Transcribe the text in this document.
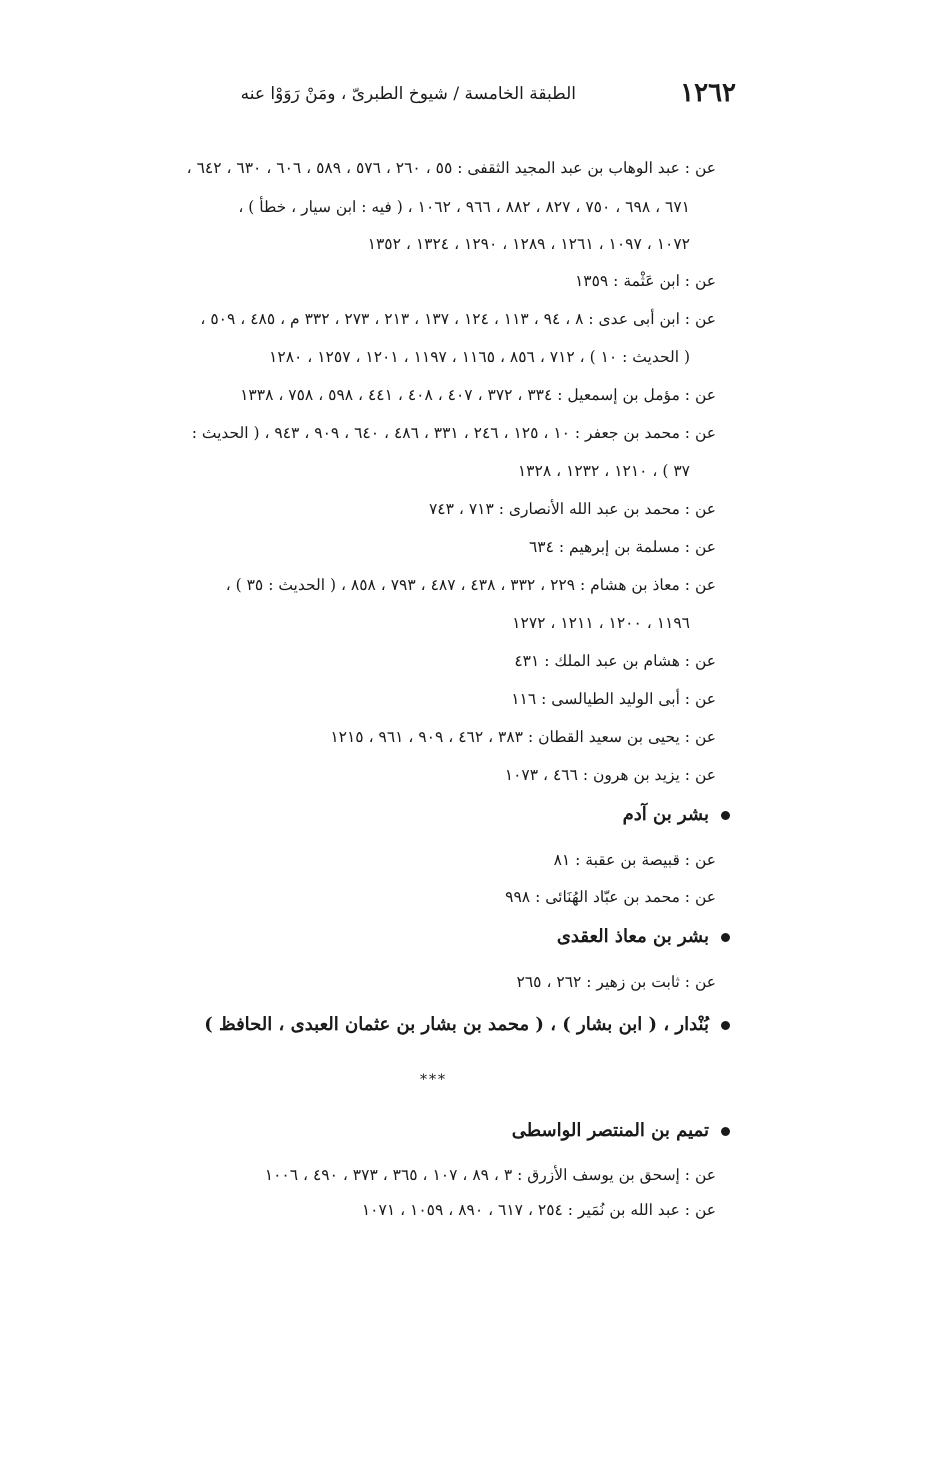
١٢٦٢
الطبقة الخامسة / شيوخ الطبرىّ ، ومَنْ رَوَوْا عنه
عن : عبد الوهاب بن عبد المجيد الثقفى : ٥٥ ، ٢٦٠ ، ٥٧٦ ، ٥٨٩ ، ٦٠٦ ، ٦٣٠ ، ٦٤٢ ،
٦٧١ ، ٦٩٨ ، ٧٥٠ ، ٨٢٧ ، ٨٨٢ ، ٩٦٦ ، ١٠٦٢ ، ( فيه : ابن سيار ، خطأ ) ،
١٠٧٢ ، ١٠٩٧ ، ١٢٦١ ، ١٢٨٩ ، ١٢٩٠ ، ١٣٢٤ ، ١٣٥٢
عن : ابن عَثْمة : ١٣٥٩
عن : ابن أبى عدى : ٨ ، ٩٤ ، ١١٣ ، ١٢٤ ، ١٣٧ ، ٢١٣ ، ٢٧٣ ، ٣٣٢ م ، ٤٨٥ ، ٥٠٩ ،
( الحديث : ١٠ ) ، ٧١٢ ، ٨٥٦ ، ١١٦٥ ، ١١٩٧ ، ١٢٠١ ، ١٢٥٧ ، ١٢٨٠
عن : مؤمل بن إسمعيل : ٣٣٤ ، ٣٧٢ ، ٤٠٧ ، ٤٠٨ ، ٤٤١ ، ٥٩٨ ، ٧٥٨ ، ١٣٣٨
عن : محمد بن جعفر : ١٠ ، ١٢٥ ، ٢٤٦ ، ٣٣١ ، ٤٨٦ ، ٦٤٠ ، ٩٠٩ ، ٩٤٣ ، ( الحديث :
٣٧ ) ، ١٢١٠ ، ١٢٣٢ ، ١٣٢٨
عن : محمد بن عبد الله الأنصارى : ٧١٣ ، ٧٤٣
عن : مسلمة بن إبرهيم : ٦٣٤
عن : معاذ بن هشام : ٢٢٩ ، ٣٣٢ ، ٤٣٨ ، ٤٨٧ ، ٧٩٣ ، ٨٥٨ ، ( الحديث : ٣٥ ) ،
١١٩٦ ، ١٢٠٠ ، ١٢١١ ، ١٢٧٢
عن : هشام بن عبد الملك : ٤٣١
عن : أبى الوليد الطيالسى : ١١٦
عن : يحيى بن سعيد القطان : ٣٨٣ ، ٤٦٢ ، ٩٠٩ ، ٩٦١ ، ١٢١٥
عن : يزيد بن هرون : ٤٦٦ ، ١٠٧٣
بشر بن آدم
عن : قبيصة بن عقبة : ٨١
عن : محمد بن عبّاد الهُنَائى : ٩٩٨
بشر بن معاذ العقدى
عن : ثابت بن زهير : ٢٦٢ ، ٢٦٥
بُنْدار ، ( ابن بشار ) ، ( محمد بن بشار بن عثمان العبدى ، الحافظ )
***
تميم بن المنتصر الواسطى
عن : إسحق بن يوسف الأزرق : ٣ ، ٨٩ ، ١٠٧ ، ٣٦٥ ، ٣٧٣ ، ٤٩٠ ، ١٠٠٦
عن : عبد الله بن نُمَير : ٢٥٤ ، ٦١٧ ، ٨٩٠ ، ١٠٥٩ ، ١٠٧١
